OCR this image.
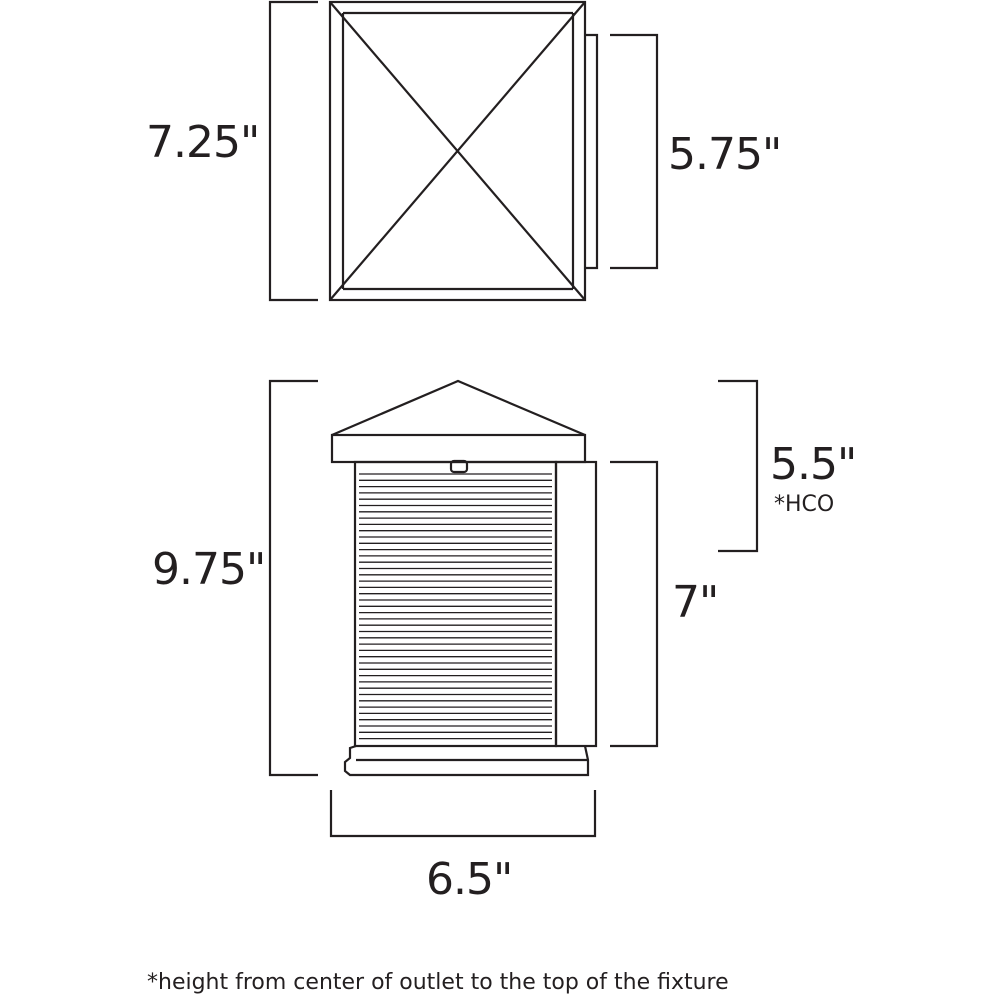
7.25"	5.75"
9.75"
5.5"
*HCO
7"
6.5"
*height from center of outlet to the top of the fixture
